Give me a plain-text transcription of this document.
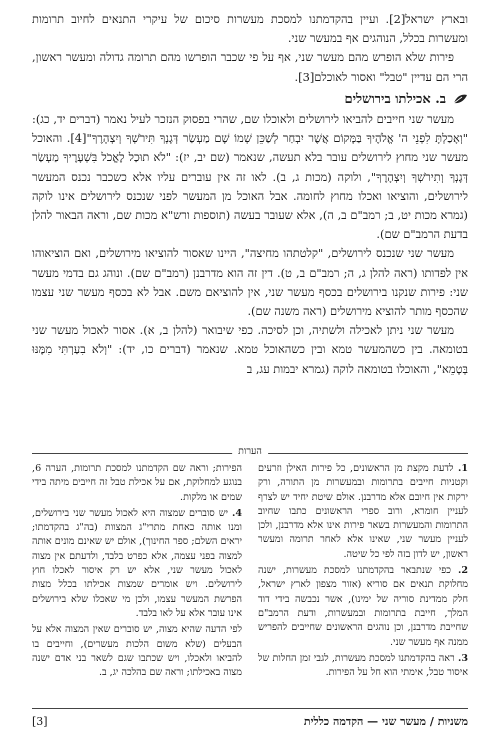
ובארץ ישראל[2]. ועיין בהקדמתנו למסכת מעשרות סיכום של עיקרי התנאים לחיוב תרומות ומעשרות בכלל, הנוהגים אף במעשר שני.

פירות שלא הופרש מהם מעשר שני, אף על פי שכבר הופרשו מהם תרומה גדולה ומעשר ראשון, הרי הם עדיין "טבל" ואסור לאוכלם[3].

ב. אכילתו בירושלים

מעשר שני חייבים להביאו לירושלים ולאוכלו שם, שהרי בפסוק הנזכר לעיל נאמר (דברים יד, כג): "וְאָכַלְתָּ לִפְנֵי ה' אֱלֹהֶיךָ בַּמָּקוֹם אֲשֶׁר יִבְחַר לְשַׁכֵּן שְׁמוֹ שָׁם מַעְשַׂר דְּגָנְךָ תִּירֹשְׁךָ וְיִצְהָרֶךָ"[4]. והאוכל מעשר שני מחוץ לירושלים עובר בלא תעשה, שנאמר (שם יב, יז): "לֹא תוּכַל לֶאֱכֹל בִּשְׁעָרֶיךָ מַעְשַׂר דְּגָנְךָ וְתִירֹשְׁךָ וְיִצְהָרֶךָ", ולוקה (מכות ג, ב). לאו זה אין עוברים עליו אלא כשכבר נכנס המעשר לירושלים, והוציאו ואכלו מחוץ לחומה. אבל האוכל מן המעשר לפני שנכנס לירושלים אינו לוקה (גמרא מכות יט, ב; רמב"ם ב, ה), אלא שעובר בעשה (תוספות ורש"א מכות שם, וראה הבאור להלן בדעת הרמב"ם שם).

מעשר שני שנכנס לירושלים, "קלטתהו מחיצה", היינו שאסור להוציאו מירושלים, ואם הוציאוהו אין לפדותו (ראה להלן ג, ה; רמב"ם ב, ט). דין זה הוא מדרבנן (רמב"ם שם). ונוהג גם בדמי מעשר שני: פירות שנקנו בירושלים בכסף מעשר שני, אין להוציאם משם. אבל לא בכסף מעשר שני עצמו שהכסף מותר להוציא מירושלים (ראה משנה שם).

מעשר שני ניתן לאכילה ולשתיה, וכן לסיכה. כפי שיבואר (להלן ב, א). אסור לאכול מעשר שני בטומאה. בין כשהמעשר טמא ובין כשהאוכל טמא. שנאמר (דברים כו, יד): "וְלֹא בִעַרְתִּי מִמֶּנּוּ בְּטָמֵא", והאוכלו בטומאה לוקה (גמרא יבמות עג, ב

הערות

1. לדעת מקצת מן הראשונים, כל פירות האילן וזרעים וקטניות חייבים בתרומות ובמעשרות מן התורה, ורק ירקות אין חיובם אלא מדרבנן. אולם שיטת יחיד יש לצרף לעניין חומרא, ורוב ספרי הראשונים כתבו שחיוב התרומות והמעשרות בשאר פירות אינו אלא מדרבנן, ולכן לעניין מעשר שני, שאינו אלא לאחר תרומה ומעשר ראשון, יש לדון בזה לפי כל שיטה.

2. כפי שנתבאר בהקדמתנו למסכת מעשרות, ישנה מחלוקת תנאים אם סוריא (אזור מצפון לארץ ישראל, חלק ממדינת סוריה של ימינו), אשר נכבשה בידי דוד המלך, חייבת בתרומות ובמעשרות, ודעת הרמב"ם שחייבת מדרבנן, וכן נוהגים הראשונים שחייבים להפריש ממנה אף מעשר שני.

3. ראה בהקדמתנו למסכת מעשרות, לגבי זמן החלות של איסור טבל, אימתי הוא חל על הפירות.

הפירות; וראה שם הקדמתנו למסכת תרומות, הערה 6, בנוגע למחלוקת, אם על אכילת טבל זה חייבים מיתה בידי שמים או מלקות.

4. יש סוברים שמצוה היא לאכול מעשר שני בירושלים, ומנו אותה כאחת מתרי"ג המצוות (בה"ג בהקדמתו; יראים השלם; ספר החינוך), אולם יש שאינם מונים אותה למצוה בפני עצמה, אלא כפרט בלבד, ולדעתם אין מצוה לאכול מעשר שני, אלא יש רק איסור לאכלו חוץ לירושלים. ויש אומרים שמצות אכילתו בכלל מצות הפרשת המעשר עצמו, ולכן מי שאכלו שלא בירושלים אינו עובר אלא על לאו בלבד.

לפי הדעה שהיא מצוה, יש סוברים שאין המצוה אלא על הבעלים (שלא משום הלכות מעשרים), וחייבים בו להביאו ולאכלו, ויש שכתבו שגם לשאר בני אדם ישנה מצוה באכילתו; וראה שם בהלכה יג, ב.

משניות / מעשר שני — הקדמה כללית
[3]
